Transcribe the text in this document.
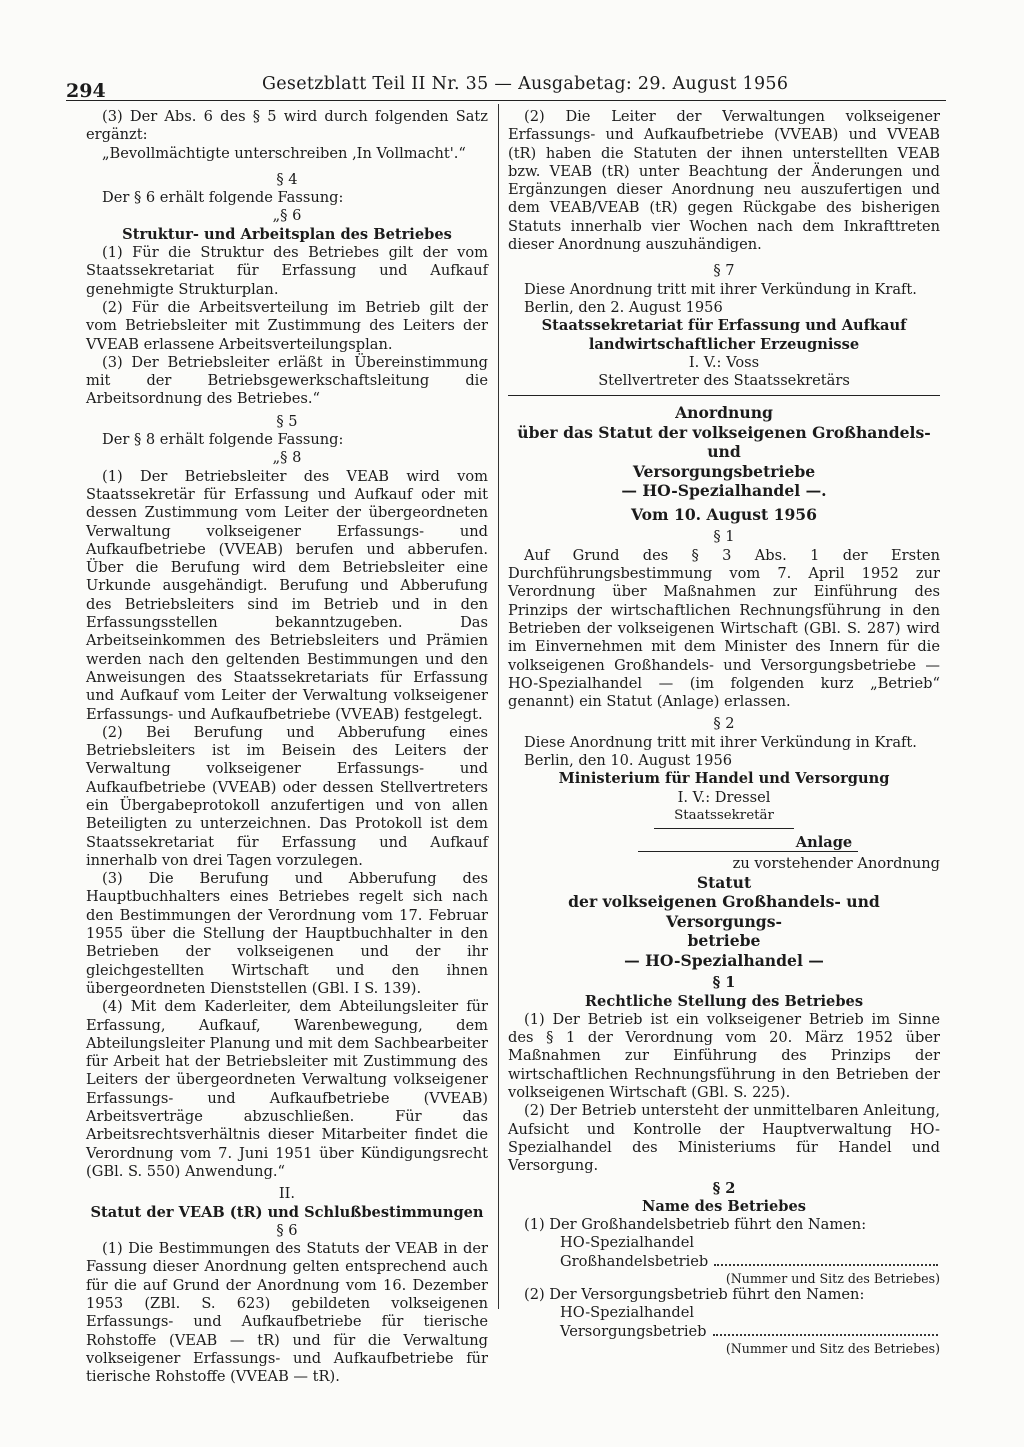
294	Gesetzblatt Teil II Nr. 35 — Ausgabetag: 29. August 1956

(3) Der Abs. 6 des § 5 wird durch folgenden Satz ergänzt:

„Bevollmächtigte unterschreiben ‚In Vollmacht'.“

§ 4

Der § 6 erhält folgende Fassung:

„§ 6

Struktur- und Arbeitsplan des Betriebes

(1) Für die Struktur des Betriebes gilt der vom Staatssekretariat für Erfassung und Aufkauf genehmigte Strukturplan.

(2) Für die Arbeitsverteilung im Betrieb gilt der vom Betriebsleiter mit Zustimmung des Leiters der VVEAB erlassene Arbeitsverteilungsplan.

(3) Der Betriebsleiter erläßt in Übereinstimmung mit der Betriebsgewerkschaftsleitung die Arbeitsordnung des Betriebes.“

§ 5

Der § 8 erhält folgende Fassung:

„§ 8

(1) Der Betriebsleiter des VEAB wird vom Staatssekretär für Erfassung und Aufkauf oder mit dessen Zustimmung vom Leiter der übergeordneten Verwaltung volkseigener Erfassungs- und Aufkaufbetriebe (VVEAB) berufen und abberufen. Über die Berufung wird dem Betriebsleiter eine Urkunde ausgehändigt. Berufung und Abberufung des Betriebsleiters sind im Betrieb und in den Erfassungsstellen bekanntzugeben. Das Arbeitseinkommen des Betriebsleiters und Prämien werden nach den geltenden Bestimmungen und den Anweisungen des Staatssekretariats für Erfassung und Aufkauf vom Leiter der Verwaltung volkseigener Erfassungs- und Aufkaufbetriebe (VVEAB) festgelegt.

(2) Bei Berufung und Abberufung eines Betriebsleiters ist im Beisein des Leiters der Verwaltung volkseigener Erfassungs- und Aufkaufbetriebe (VVEAB) oder dessen Stellvertreters ein Übergabeprotokoll anzufertigen und von allen Beteiligten zu unterzeichnen. Das Protokoll ist dem Staatssekretariat für Erfassung und Aufkauf innerhalb von drei Tagen vorzulegen.

(3) Die Berufung und Abberufung des Hauptbuchhalters eines Betriebes regelt sich nach den Bestimmungen der Verordnung vom 17. Februar 1955 über die Stellung der Hauptbuchhalter in den Betrieben der volkseigenen und der ihr gleichgestellten Wirtschaft und den ihnen übergeordneten Dienststellen (GBl. I S. 139).

(4) Mit dem Kaderleiter, dem Abteilungsleiter für Erfassung, Aufkauf, Warenbewegung, dem Abteilungsleiter Planung und mit dem Sachbearbeiter für Arbeit hat der Betriebsleiter mit Zustimmung des Leiters der übergeordneten Verwaltung volkseigener Erfassungs- und Aufkaufbetriebe (VVEAB) Arbeitsverträge abzuschließen. Für das Arbeitsrechtsverhältnis dieser Mitarbeiter findet die Verordnung vom 7. Juni 1951 über Kündigungsrecht (GBl. S. 550) Anwendung.“

II.

Statut der VEAB (tR) und Schlußbestimmungen

§ 6

(1) Die Bestimmungen des Statuts der VEAB in der Fassung dieser Anordnung gelten entsprechend auch für die auf Grund der Anordnung vom 16. Dezember 1953 (ZBl. S. 623) gebildeten volkseigenen Erfassungs- und Aufkaufbetriebe für tierische Rohstoffe (VEAB — tR) und für die Verwaltung volkseigener Erfassungs- und Aufkaufbetriebe für tierische Rohstoffe (VVEAB — tR).

(2) Die Leiter der Verwaltungen volkseigener Erfassungs- und Aufkaufbetriebe (VVEAB) und VVEAB (tR) haben die Statuten der ihnen unterstellten VEAB bzw. VEAB (tR) unter Beachtung der Änderungen und Ergänzungen dieser Anordnung neu auszufertigen und dem VEAB/VEAB (tR) gegen Rückgabe des bisherigen Statuts innerhalb vier Wochen nach dem Inkrafttreten dieser Anordnung auszuhändigen.

§ 7

Diese Anordnung tritt mit ihrer Verkündung in Kraft.

Berlin, den 2. August 1956

Staatssekretariat für Erfassung und Aufkauf

landwirtschaftlicher Erzeugnisse

I. V.: Voss

Stellvertreter des Staatssekretärs

Anordnung

über das Statut der volkseigenen Großhandels- und

Versorgungsbetriebe

— HO-Spezialhandel —.

Vom 10. August 1956

§ 1

Auf Grund des § 3 Abs. 1 der Ersten Durchführungsbestimmung vom 7. April 1952 zur Verordnung über Maßnahmen zur Einführung des Prinzips der wirtschaftlichen Rechnungsführung in den Betrieben der volkseigenen Wirtschaft (GBl. S. 287) wird im Einvernehmen mit dem Minister des Innern für die volkseigenen Großhandels- und Versorgungsbetriebe — HO-Spezialhandel — (im folgenden kurz „Betrieb“ genannt) ein Statut (Anlage) erlassen.

§ 2

Diese Anordnung tritt mit ihrer Verkündung in Kraft.

Berlin, den 10. August 1956

Ministerium für Handel und Versorgung

I. V.: Dressel

Staatssekretär

Anlage

zu vorstehender Anordnung

Statut

der volkseigenen Großhandels- und Versorgungs-

betriebe

— HO-Spezialhandel —

§ 1

Rechtliche Stellung des Betriebes

(1) Der Betrieb ist ein volkseigener Betrieb im Sinne des § 1 der Verordnung vom 20. März 1952 über Maßnahmen zur Einführung des Prinzips der wirtschaftlichen Rechnungsführung in den Betrieben der volkseigenen Wirtschaft (GBl. S. 225).

(2) Der Betrieb untersteht der unmittelbaren Anleitung, Aufsicht und Kontrolle der Hauptverwaltung HO-Spezialhandel des Ministeriums für Handel und Versorgung.

§ 2

Name des Betriebes

(1) Der Großhandelsbetrieb führt den Namen:

HO-Spezialhandel

Großhandelsbetrieb

(Nummer und Sitz des Betriebes)

(2) Der Versorgungsbetrieb führt den Namen:

HO-Spezialhandel

Versorgungsbetrieb

(Nummer und Sitz des Betriebes)
